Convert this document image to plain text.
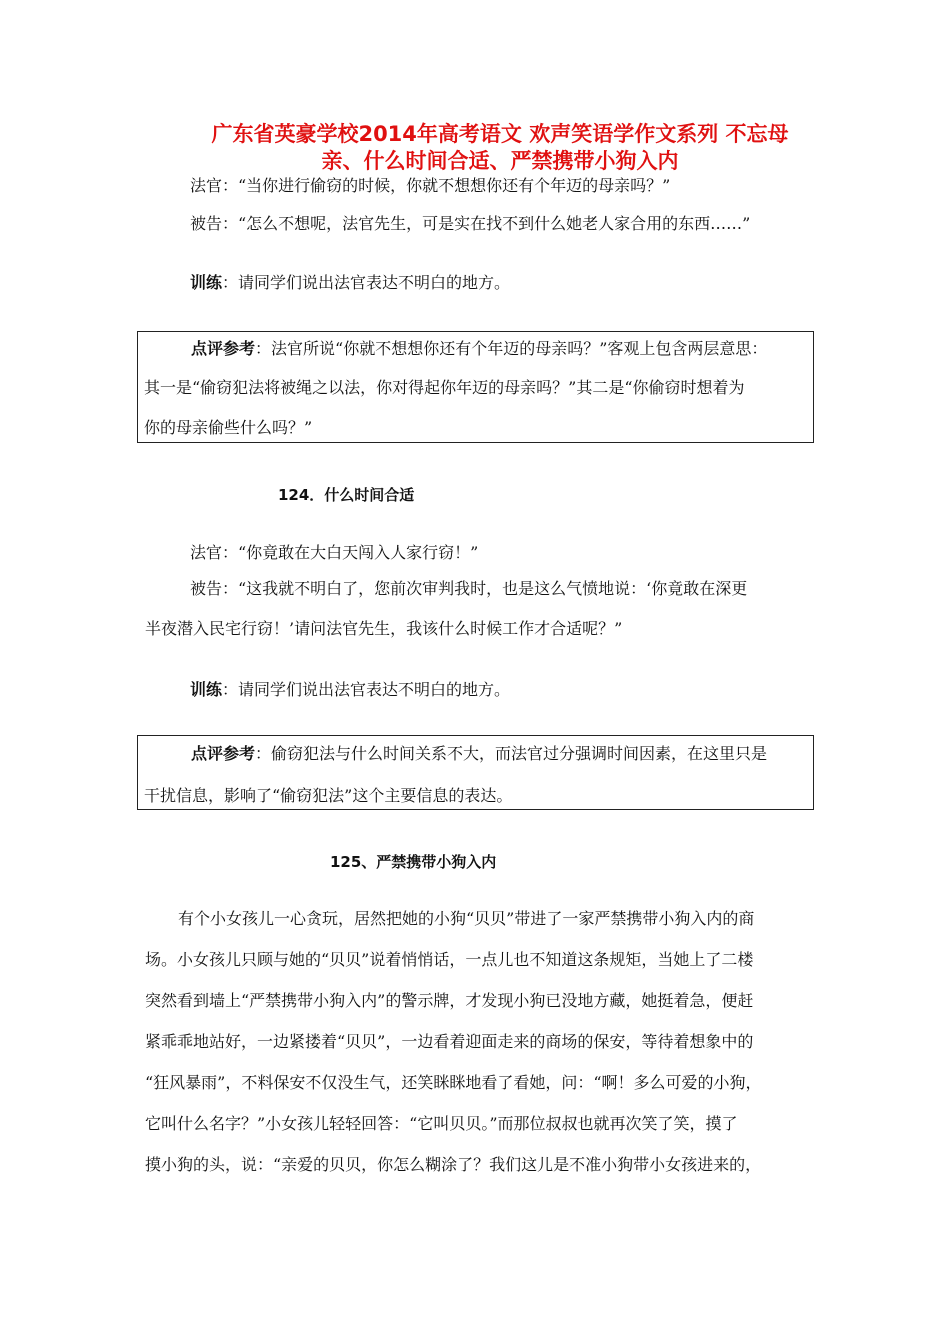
广东省英豪学校2014年高考语文 欢声笑语学作文系列 不忘母
亲、什么时间合适、严禁携带小狗入内
法官：“当你进行偷窃的时候，你就不想想你还有个年迈的母亲吗？”
被告：“怎么不想呢，法官先生，可是实在找不到什么她老人家合用的东西……”
训练：请同学们说出法官表达不明白的地方。
点评参考：法官所说“你就不想想你还有个年迈的母亲吗？”客观上包含两层意思：
其一是“偷窃犯法将被绳之以法，你对得起你年迈的母亲吗？”其二是“你偷窃时想着为
你的母亲偷些什么吗？”
124．什么时间合适
法官：“你竟敢在大白天闯入人家行窃！”
被告：“这我就不明白了，您前次审判我时，也是这么气愤地说：‘你竟敢在深更
半夜潜入民宅行窃！’请问法官先生，我该什么时候工作才合适呢？”
训练：请同学们说出法官表达不明白的地方。
点评参考：偷窃犯法与什么时间关系不大，而法官过分强调时间因素，在这里只是
干扰信息，影响了“偷窃犯法”这个主要信息的表达。
125、严禁携带小狗入内
有个小女孩儿一心贪玩，居然把她的小狗“贝贝”带进了一家严禁携带小狗入内的商
场。小女孩儿只顾与她的“贝贝”说着悄悄话，一点儿也不知道这条规矩，当她上了二楼
突然看到墙上“严禁携带小狗入内”的警示牌，才发现小狗已没地方藏，她挺着急，便赶
紧乖乖地站好，一边紧搂着“贝贝”，一边看着迎面走来的商场的保安，等待着想象中的
“狂风暴雨”，不料保安不仅没生气，还笑眯眯地看了看她，问：“啊！多么可爱的小狗，
它叫什么名字？”小女孩儿轻轻回答：“它叫贝贝。”而那位叔叔也就再次笑了笑，摸了
摸小狗的头，说：“亲爱的贝贝，你怎么糊涂了？我们这儿是不准小狗带小女孩进来的，
